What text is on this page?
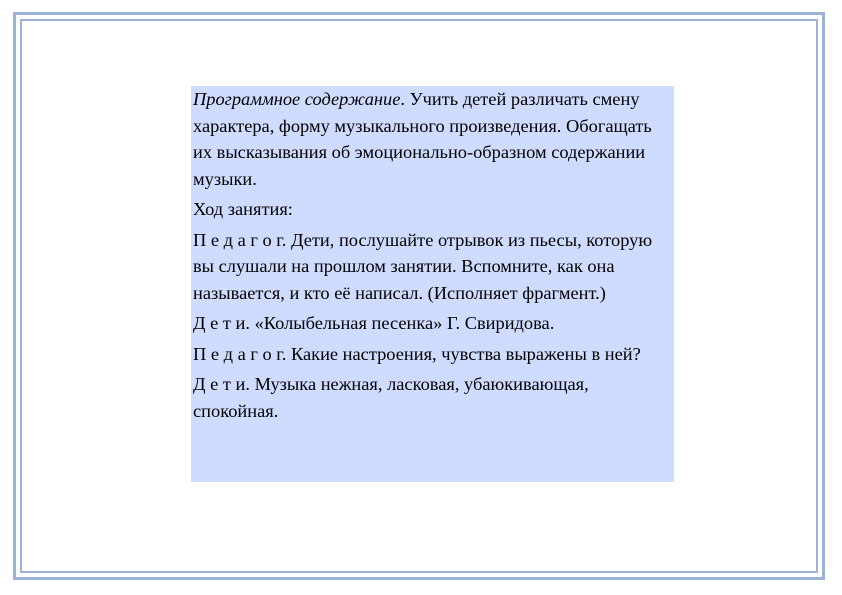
Программное содержание. Учить детей различать смену характера, форму музыкального произведения. Обогащать их высказывания об эмоционально-образном содержании музыки.

Ход занятия:

П е д а г о г. Дети, послушайте отрывок из пьесы, которую вы слушали на прошлом занятии. Вспомните, как она называется, и кто её написал. (Исполняет фрагмент.)

Д е т и. «Колыбельная песенка» Г. Свиридова.

П е д а г о г. Какие настроения, чувства выражены в ней?

Д е т и. Музыка нежная, ласковая, убаюкивающая, спокойная.
